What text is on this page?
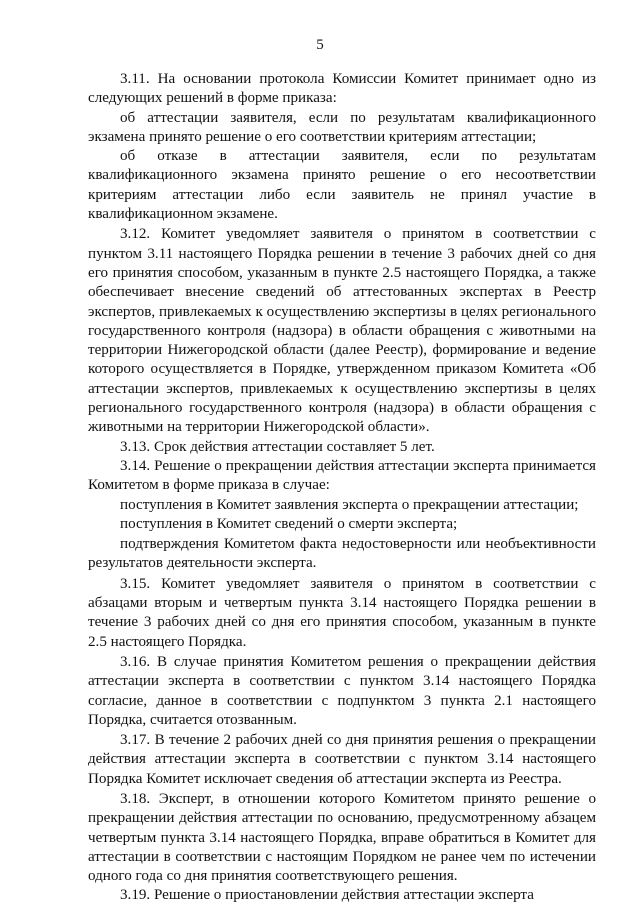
5

3.11. На основании протокола Комиссии Комитет принимает одно из следующих решений в форме приказа:

об аттестации заявителя, если по результатам квалификационного экзамена принято решение о его соответствии критериям аттестации;

об отказе в аттестации заявителя, если по результатам квалификационного экзамена принято решение о его несоответствии критериям аттестации либо если заявитель не принял участие в квалификационном экзамене.

3.12. Комитет уведомляет заявителя о принятом в соответствии с пунктом 3.11 настоящего Порядка решении в течение 3 рабочих дней со дня его принятия способом, указанным в пункте 2.5 настоящего Порядка, а также обеспечивает внесение сведений об аттестованных экспертах в Реестр экспертов, привлекаемых к осуществлению экспертизы в целях регионального государственного контроля (надзора) в области обращения с животными на территории Нижегородской области (далее Реестр), формирование и ведение которого осуществляется в Порядке, утвержденном приказом Комитета «Об аттестации экспертов, привлекаемых к осуществлению экспертизы в целях регионального государственного контроля (надзора) в области обращения с животными на территории Нижегородской области».

3.13. Срок действия аттестации составляет 5 лет.

3.14. Решение о прекращении действия аттестации эксперта принимается Комитетом в форме приказа в случае:

поступления в Комитет заявления эксперта о прекращении аттестации;

поступления в Комитет сведений о смерти эксперта;

подтверждения Комитетом факта недостоверности или необъективности результатов деятельности эксперта.

3.15. Комитет уведомляет заявителя о принятом в соответствии с абзацами вторым и четвертым пункта 3.14 настоящего Порядка решении в течение 3 рабочих дней со дня его принятия способом, указанным в пункте 2.5 настоящего Порядка.

3.16. В случае принятия Комитетом решения о прекращении действия аттестации эксперта в соответствии с пунктом 3.14 настоящего Порядка согласие, данное в соответствии с подпунктом 3 пункта 2.1 настоящего Порядка, считается отозванным.

3.17. В течение 2 рабочих дней со дня принятия решения о прекращении действия аттестации эксперта в соответствии с пунктом 3.14 настоящего Порядка Комитет исключает сведения об аттестации эксперта из Реестра.

3.18. Эксперт, в отношении которого Комитетом принято решение о прекращении действия аттестации по основанию, предусмотренному абзацем четвертым пункта 3.14 настоящего Порядка, вправе обратиться в Комитет для аттестации в соответствии с настоящим Порядком не ранее чем по истечении одного года со дня принятия соответствующего решения.

3.19. Решение о приостановлении действия аттестации эксперта
